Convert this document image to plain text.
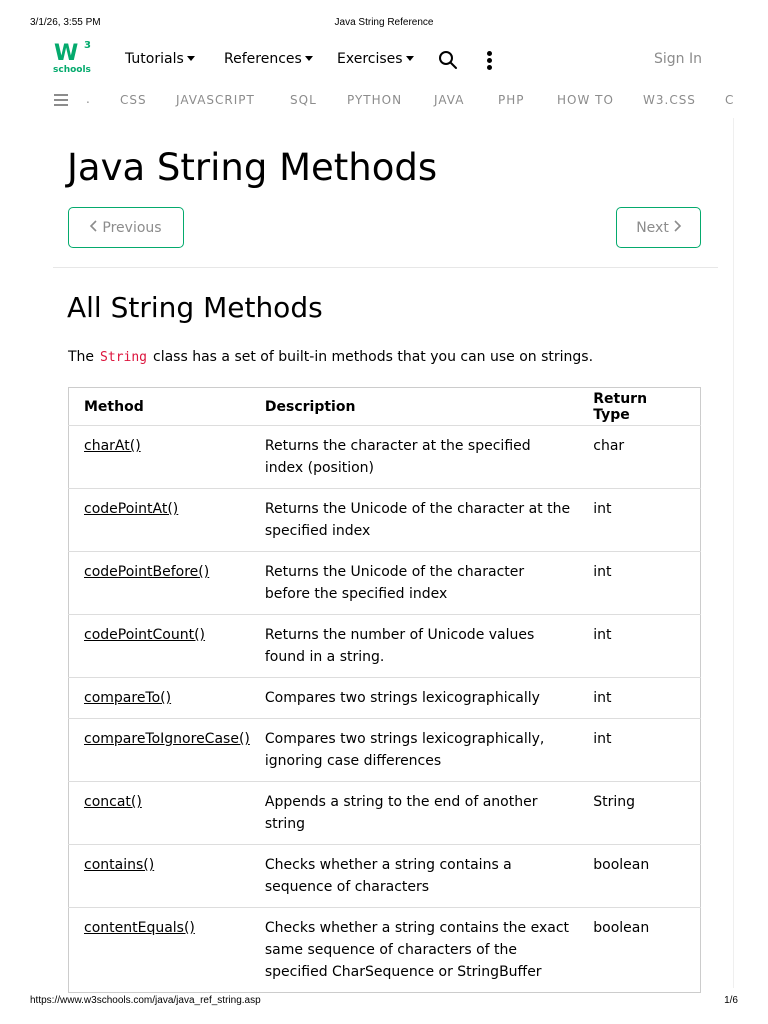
3/1/26, 3:55 PM	Java String Reference
W 3
schools
Tutorials	References	Exercises	Sign In
.	CSS JAVASCRIPT	SQL	PYTHON	JAVA	PHP	HOW TO W3.CSS C
Java String Methods
Previous	Next
All String Methods

The String class has a set of built-in methods that you can use on strings.

Method	Description	Return Type
charAt()	Returns the character at the specified index (position)	char
codePointAt()	Returns the Unicode of the character at the specified index	int
codePointBefore()	Returns the Unicode of the character before the specified index	int
codePointCount()	Returns the number of Unicode values found in a string.	int
compareTo()	Compares two strings lexicographically	int
compareToIgnoreCase()	Compares two strings lexicographically, ignoring case differences	int
concat()	Appends a string to the end of another string	String
contains()	Checks whether a string contains a sequence of characters	boolean
contentEquals()	Checks whether a string contains the exact same sequence of characters of the specified CharSequence or StringBuffer	boolean
https://www.w3schools.com/java/java_ref_string.asp	1/6
